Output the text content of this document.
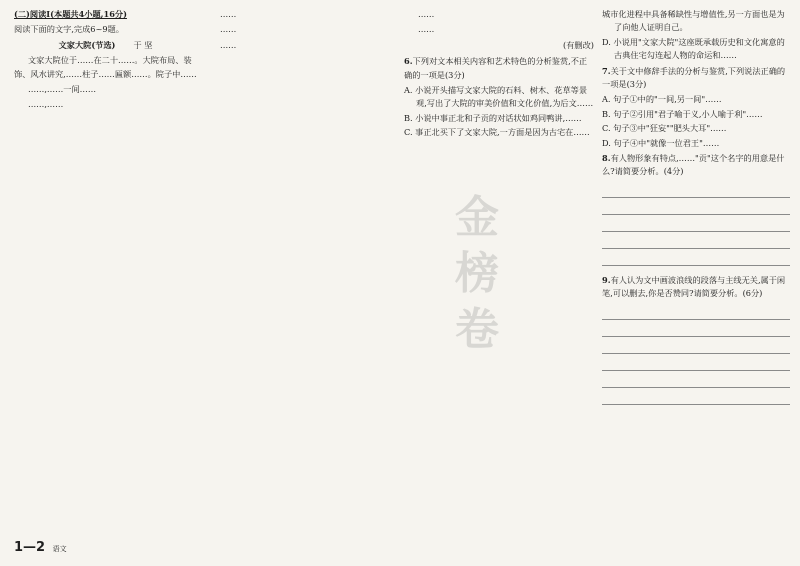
(二)阅读Ⅰ(本题共4小题,16分)
阅读下面的文字,完成6~9题。
文家大院(节选) 于 坚

文家大院位于……在二十……。大院布局、装饰、风水讲究,……柱子……匾额……。院子中……

……,……一间……

……,……

……

……

……

金
榜
卷

……

……

(有删改)
6.下列对文本相关内容和艺术特色的分析鉴赏,不正确的一项是(3分)
A. 小说开头描写文家大院的石料、树木、花草等景观,写出了大院的审美价值和文化价值,为后文……
B. 小说中事正北和子贡的对话状如鸡同鸭讲,……
C. 事正北买下了文家大院,一方面是因为古宅在……
城市化进程中具备稀缺性与增值性,另一方面也是为了向他人证明自己。
D. 小说用"文家大院"这座既承载历史和文化寓意的古典住宅勾连起人物的命运和……
7.关于文中修辞手法的分析与鉴赏,下列说法正确的一项是(3分)
A. 句子①中的"一间,另一间"……
B. 句子②引用"君子喻于义,小人喻于利"……
C. 句子③中"狂妄""肥头大耳"……
D. 句子④中"就像一位君王"……
8.有人物形象有特点,……"贡"这个名字的用意是什么?请简要分析。(4分)
9.有人认为文中画波浪线的段落与主线无关,属于闲笔,可以删去,你是否赞同?请简要分析。(6分)
1—2 语文
